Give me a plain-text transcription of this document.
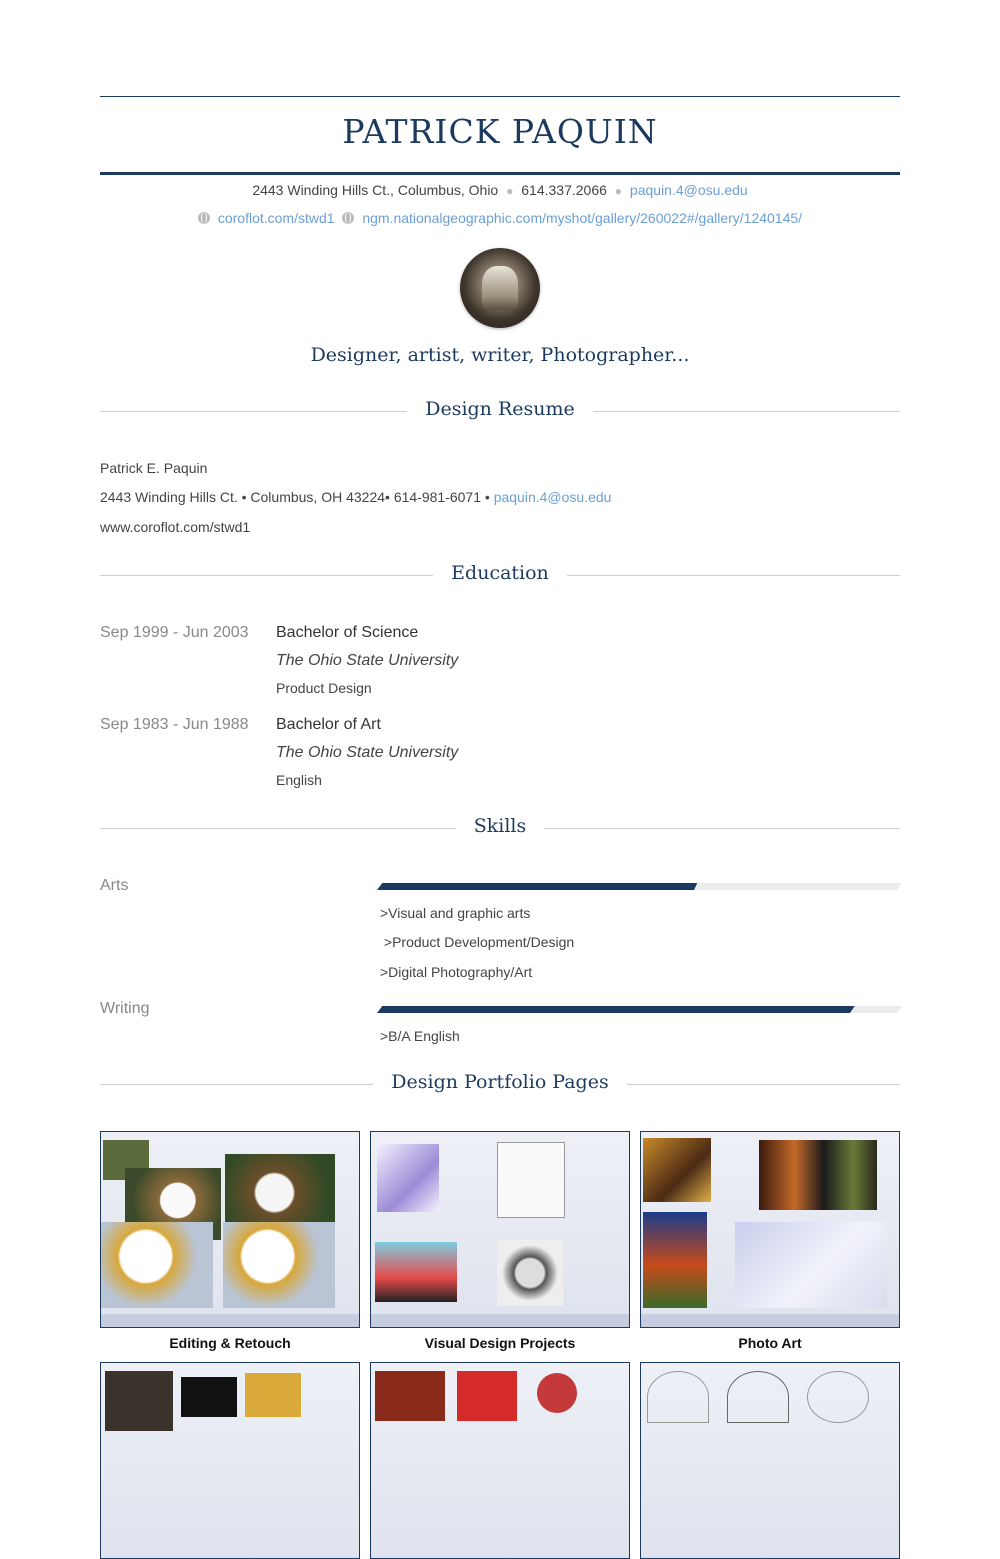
PATRICK PAQUIN
2443 Winding Hills Ct., Columbus, Ohio ● 614.337.2066 ● paquin.4@osu.edu
coroflot.com/stwd1 ngm.nationalgeographic.com/myshot/gallery/260022#/gallery/1240145/
Designer, artist, writer, Photographer...
Design Resume
Patrick E. Paquin
2443 Winding Hills Ct. • Columbus, OH 43224• 614-981-6071 • paquin.4@osu.edu
www.coroflot.com/stwd1
Education
Sep 1999 - Jun 2003 Bachelor of Science
The Ohio State University
Product Design
Sep 1983 - Jun 1988 Bachelor of Art
The Ohio State University
English
Skills
Arts
>Visual and graphic arts
>Product Development/Design
>Digital Photography/Art
Writing
>B/A English
Design Portfolio Pages
Editing & Retouch	Visual Design Projects	Photo Art
